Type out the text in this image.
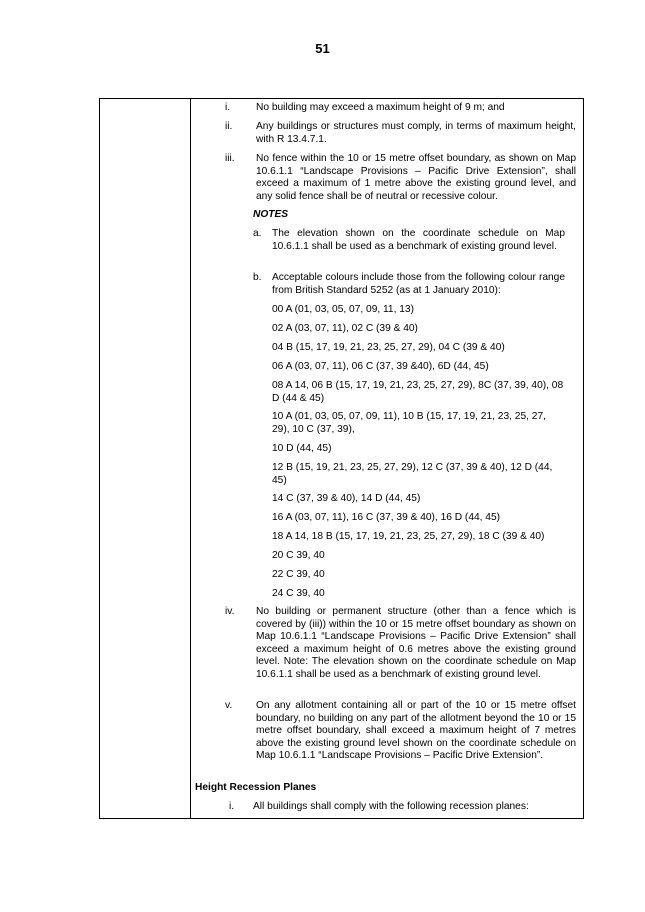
51
i.	No building may exceed a maximum height of 9 m; and
ii. Any buildings or structures must comply, in terms of maximum height, with R 13.4.7.1.
iii. No fence within the 10 or 15 metre offset boundary, as shown on Map 10.6.1.1 “Landscape Provisions – Pacific Drive Extension”, shall exceed a maximum of 1 metre above the existing ground level, and any solid fence shall be of neutral or recessive colour.
NOTES
a. The elevation shown on the coordinate schedule on Map 10.6.1.1 shall be used as a benchmark of existing ground level.
b. Acceptable colours include those from the following colour range from British Standard 5252 (as at 1 January 2010):
00 A (01, 03, 05, 07, 09, 11, 13)
02 A (03, 07, 11), 02 C (39 & 40)
04 B (15, 17, 19, 21, 23, 25, 27, 29), 04 C (39 & 40)
06 A (03, 07, 11), 06 C (37, 39 &40), 6D (44, 45)
08 A 14, 06 B (15, 17, 19, 21, 23, 25, 27, 29), 8C (37, 39, 40), 08 D (44 & 45)
10 A (01, 03, 05, 07, 09, 11), 10 B (15, 17, 19, 21, 23, 25, 27, 29), 10 C (37, 39),
10 D (44, 45)
12 B (15, 19, 21, 23, 25, 27, 29), 12 C (37, 39 & 40), 12 D (44, 45)
14 C (37, 39 & 40), 14 D (44, 45)
16 A (03, 07, 11), 16 C (37, 39 & 40), 16 D (44, 45)
18 A 14, 18 B (15, 17, 19, 21, 23, 25, 27, 29), 18 C (39 & 40)
20 C 39, 40
22 C 39, 40
24 C 39, 40
iv. No building or permanent structure (other than a fence which is covered by (iii)) within the 10 or 15 metre offset boundary as shown on Map 10.6.1.1 “Landscape Provisions – Pacific Drive Extension” shall exceed a maximum height of 0.6 metres above the existing ground level. Note: The elevation shown on the coordinate schedule on Map 10.6.1.1 shall be used as a benchmark of existing ground level.
v. On any allotment containing all or part of the 10 or 15 metre offset boundary, no building on any part of the allotment beyond the 10 or 15 metre offset boundary, shall exceed a maximum height of 7 metres above the existing ground level shown on the coordinate schedule on Map 10.6.1.1 “Landscape Provisions – Pacific Drive Extension”.
Height Recession Planes
i. All buildings shall comply with the following recession planes:
